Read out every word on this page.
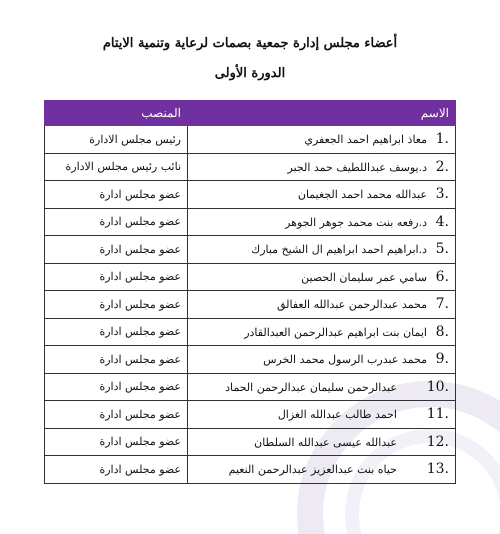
أعضاء مجلس إدارة جمعية بصمات لرعاية وتنمية الايتام
الدورة الأولى
الاسم	المنصب
1.معاذ ابراهيم احمد الجعفري	رئيس مجلس الادارة
2.د.يوسف عبداللطيف حمد الجبر	نائب رئيس مجلس الادارة
3.عبدالله محمد احمد الجغيمان	عضو مجلس ادارة
4.د.رفعه بنت محمد جوهر الجوهر	عضو مجلس ادارة
5.د.ابراهيم احمد ابراهيم ال الشيخ مبارك	عضو مجلس ادارة
6.سامي عمر سليمان الحصين	عضو مجلس ادارة
7.محمد عبدالرحمن عبدالله العفالق	عضو مجلس ادارة
8.ايمان بنت ابراهيم عبدالرحمن العبدالقادر	عضو مجلس ادارة
9.محمد عبدرب الرسول محمد الخرس	عضو مجلس ادارة
10.عبدالرحمن سليمان عبدالرحمن الحماد	عضو مجلس ادارة
11.احمد طالب عبدالله الغزال	عضو مجلس ادارة
12.عبدالله عيسى عبدالله السلطان	عضو مجلس ادارة
13.حياه بنت عبدالعزيز عبدالرحمن النعيم	عضو مجلس ادارة
